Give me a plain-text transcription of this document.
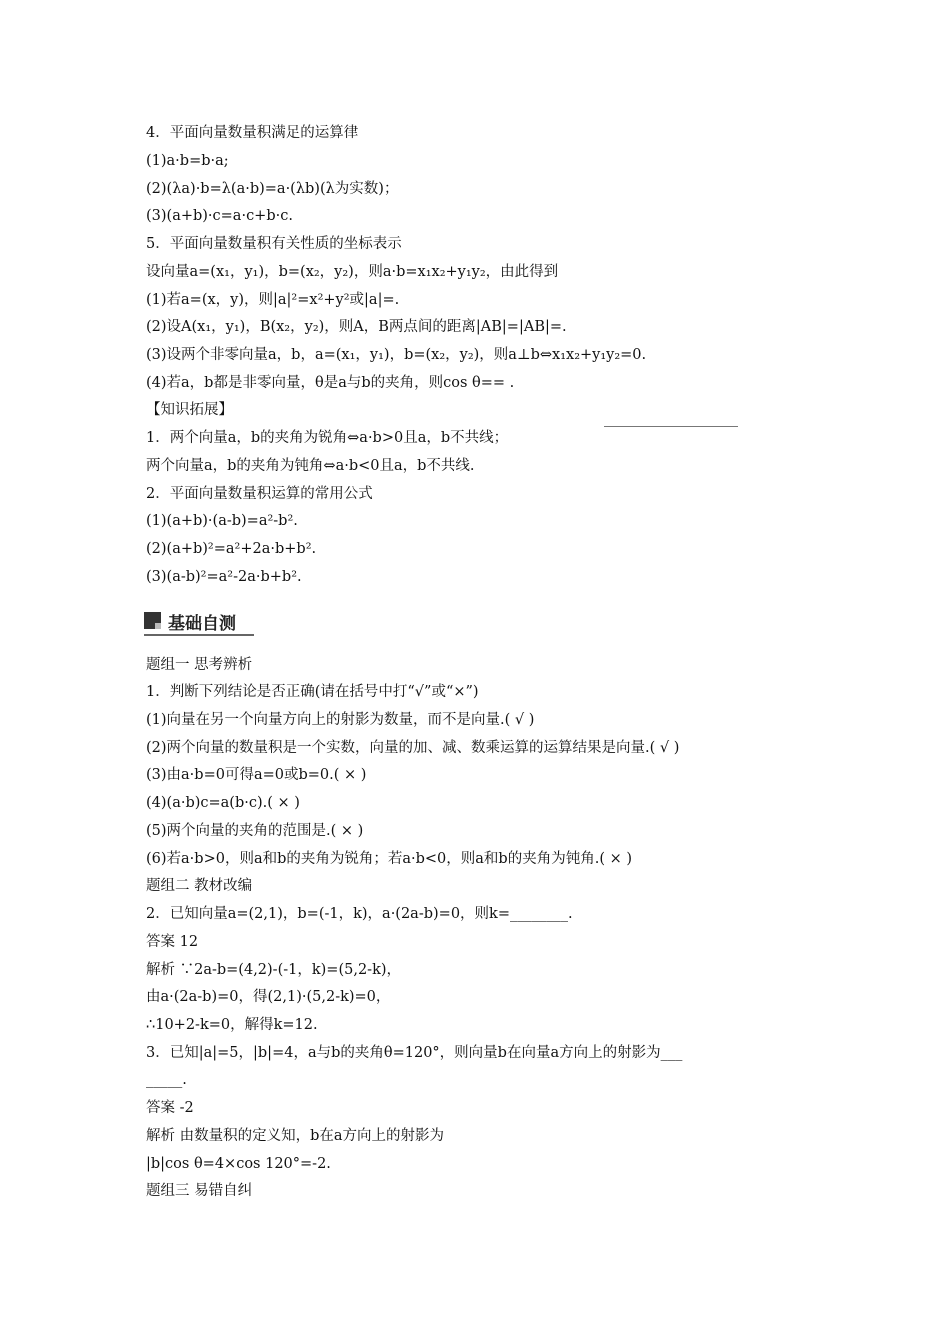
4．平面向量数量积满足的运算律
(1)a·b=b·a;
(2)(λa)·b=λ(a·b)=a·(λb)(λ为实数)；
(3)(a+b)·c=a·c+b·c.
5．平面向量数量积有关性质的坐标表示
设向量a=(x₁，y₁)，b=(x₂，y₂)，则a·b=x₁x₂+y₁y₂，由此得到
(1)若a=(x，y)，则|a|²=x²+y²或|a|=.
(2)设A(x₁，y₁)，B(x₂，y₂)，则A，B两点间的距离|AB|=|AB|=.
(3)设两个非零向量a，b，a=(x₁，y₁)，b=(x₂，y₂)，则a⊥b⇔x₁x₂+y₁y₂=0.
(4)若a，b都是非零向量，θ是a与b的夹角，则cos θ== .
【知识拓展】
1．两个向量a，b的夹角为锐角⇔a·b>0且a，b不共线；
两个向量a，b的夹角为钝角⇔a·b<0且a，b不共线.
2．平面向量数量积运算的常用公式
(1)(a+b)·(a-b)=a²-b².
(2)(a+b)²=a²+2a·b+b².
(3)(a-b)²=a²-2a·b+b².
基础自测
题组一 思考辨析
1．判断下列结论是否正确(请在括号中打“√”或“×”)
(1)向量在另一个向量方向上的射影为数量，而不是向量.( √ )
(2)两个向量的数量积是一个实数，向量的加、减、数乘运算的运算结果是向量.( √ )
(3)由a·b=0可得a=0或b=0.( × )
(4)(a·b)c=a(b·c).( × )
(5)两个向量的夹角的范围是.( × )
(6)若a·b>0，则a和b的夹角为锐角；若a·b<0，则a和b的夹角为钝角.( × )
题组二 教材改编
2．已知向量a=(2,1)，b=(-1，k)，a·(2a-b)=0，则k=________.
答案 12
解析 ∵2a-b=(4,2)-(-1，k)=(5,2-k)，
由a·(2a-b)=0，得(2,1)·(5,2-k)=0，
∴10+2-k=0，解得k=12.
3．已知|a|=5，|b|=4，a与b的夹角θ=120°，则向量b在向量a方向上的射影为___
_____.
答案 -2
解析 由数量积的定义知，b在a方向上的射影为
|b|cos θ=4×cos 120°=-2.
题组三 易错自纠
